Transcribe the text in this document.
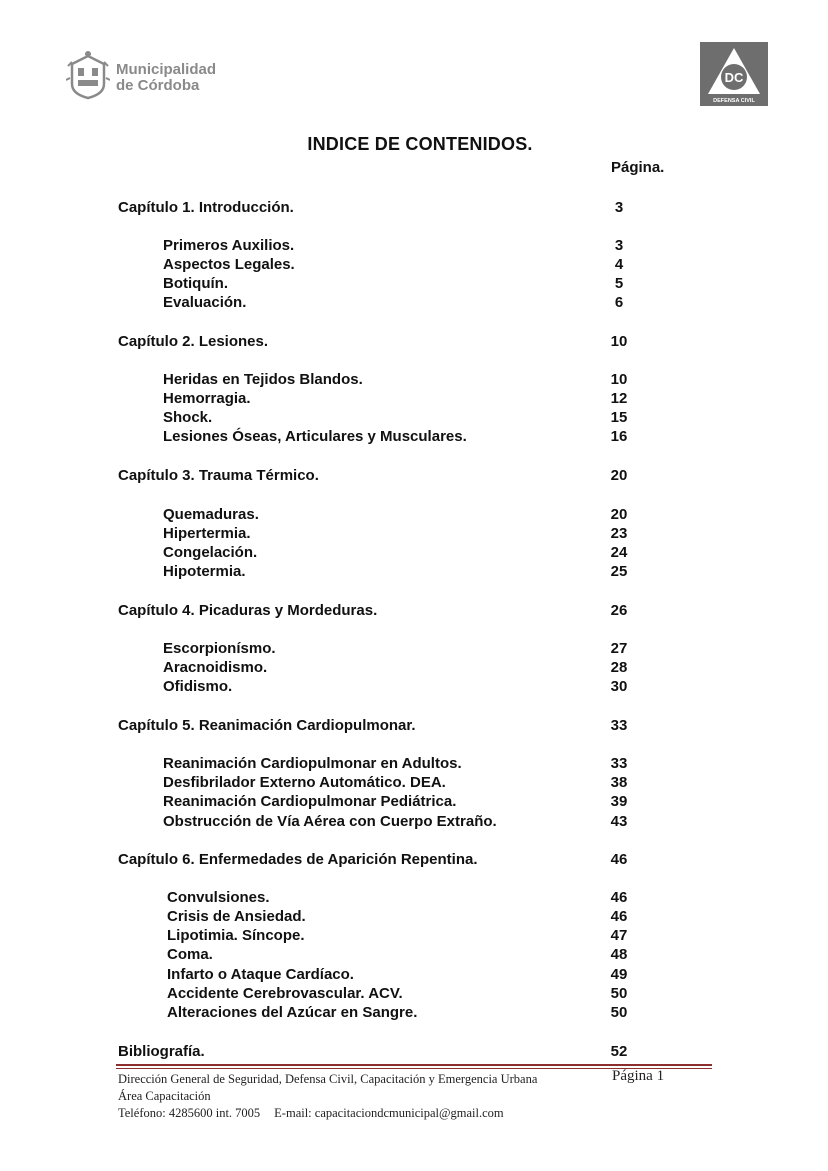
Municipalidad
de Córdoba	DC
DEFENSA CIVIL
INDICE DE CONTENIDOS.
Página.
Capítulo 1. Introducción.	3
Primeros Auxilios.	3
Aspectos Legales.	4
Botiquín.	5
Evaluación.	6
Capítulo 2. Lesiones.	10
Heridas en Tejidos Blandos.	10
Hemorragia.	12
Shock.	15
Lesiones Óseas, Articulares y Musculares.	16
Capítulo 3. Trauma Térmico.	20
Quemaduras.	20
Hipertermia.	23
Congelación.	24
Hipotermia.	25
Capítulo 4. Picaduras y Mordeduras.	26
Escorpionísmo.	27
Aracnoidismo.	28
Ofidismo.	30
Capítulo 5. Reanimación Cardiopulmonar.	33
Reanimación Cardiopulmonar en Adultos.	33
Desfibrilador Externo Automático. DEA.	38
Reanimación Cardiopulmonar Pediátrica.	39
Obstrucción de Vía Aérea con Cuerpo Extraño.	43
Capítulo 6. Enfermedades de Aparición Repentina.	46
Convulsiones.	46
Crisis de Ansiedad.	46
Lipotimia. Síncope.	47
Coma.	48
Infarto o Ataque Cardíaco.	49
Accidente Cerebrovascular. ACV.	50
Alteraciones del Azúcar en Sangre.	50
Bibliografía.	52
Dirección General de Seguridad, Defensa Civil, Capacitación y Emergencia Urbana
Área Capacitación
Teléfono: 4285600 int. 7005 E-mail: capacitaciondcmunicipal@gmail.com
Página 1
